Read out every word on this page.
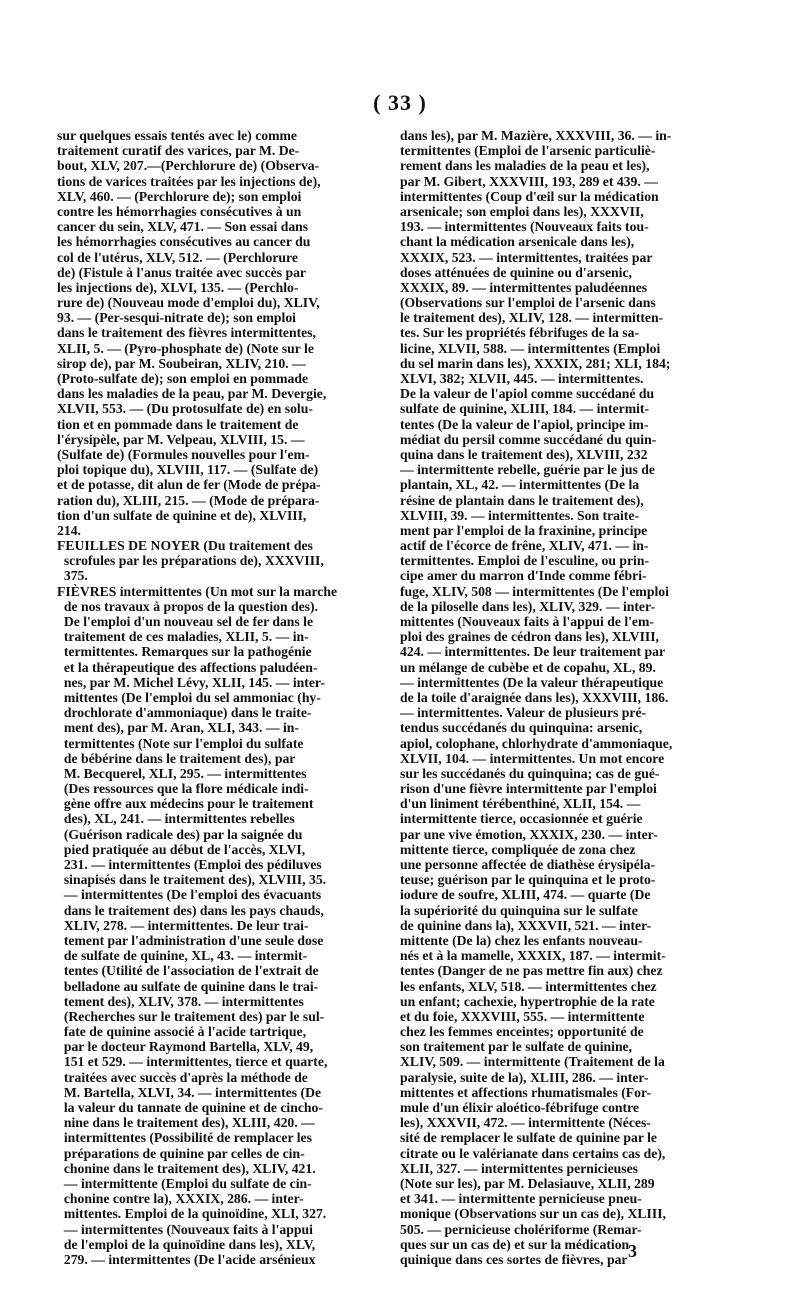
( 33 )
sur quelques essais tentés avec le) comme
traitement curatif des varices, par M. De-
bout, XLV, 207.—(Perchlorure de) (Observa-
tions de varices traitées par les injections de),
XLV, 460. — (Perchlorure de); son emploi
contre les hémorrhagies consécutives à un
cancer du sein, XLV, 471. — Son essai dans
les hémorrhagies consécutives au cancer du
col de l'utérus, XLV, 512. — (Perchlorure
de) (Fistule à l'anus traitée avec succès par
les injections de), XLVI, 135. — (Perchlo-
rure de) (Nouveau mode d'emploi du), XLIV,
93. — (Per-sesqui-nitrate de); son emploi
dans le traitement des fièvres intermittentes,
XLII, 5. — (Pyro-phosphate de) (Note sur le
sirop de), par M. Soubeiran, XLIV, 210. —
(Proto-sulfate de); son emploi en pommade
dans les maladies de la peau, par M. Devergie,
XLVII, 553. — (Du protosulfate de) en solu-
tion et en pommade dans le traitement de
l'érysipèle, par M. Velpeau, XLVIII, 15. —
(Sulfate de) (Formules nouvelles pour l'em-
ploi topique du), XLVIII, 117. — (Sulfate de)
et de potasse, dit alun de fer (Mode de prépa-
ration du), XLIII, 215. — (Mode de prépara-
tion d'un sulfate de quinine et de), XLVIII,
214.
FEUILLES DE NOYER (Du traitement des
scrofules par les préparations de), XXXVIII,
375.
FIÈVRES intermittentes (Un mot sur la marche
de nos travaux à propos de la question des).
De l'emploi d'un nouveau sel de fer dans le
traitement de ces maladies, XLII, 5. — in-
termittentes. Remarques sur la pathogénie
et la thérapeutique des affections paludéen-
nes, par M. Michel Lévy, XLII, 145. — inter-
mittentes (De l'emploi du sel ammoniac (hy-
drochlorate d'ammoniaque) dans le traite-
ment des), par M. Aran, XLI, 343. — in-
termittentes (Note sur l'emploi du sulfate
de bébérine dans le traitement des), par
M. Becquerel, XLI, 295. — intermittentes
(Des ressources que la flore médicale indi-
gène offre aux médecins pour le traitement
des), XL, 241. — intermittentes rebelles
(Guérison radicale des) par la saignée du
pied pratiquée au début de l'accès, XLVI,
231. — intermittentes (Emploi des pédiluves
sinapisés dans le traitement des), XLVIII, 35.
— intermittentes (De l'emploi des évacuants
dans le traitement des) dans les pays chauds,
XLIV, 278. — intermittentes. De leur trai-
tement par l'administration d'une seule dose
de sulfate de quinine, XL, 43. — intermit-
tentes (Utilité de l'association de l'extrait de
belladone au sulfate de quinine dans le trai-
tement des), XLIV, 378. — intermittentes
(Recherches sur le traitement des) par le sul-
fate de quinine associé à l'acide tartrique,
par le docteur Raymond Bartella, XLV, 49,
151 et 529. — intermittentes, tierce et quarte,
traitées avec succès d'après la méthode de
M. Bartella, XLVI, 34. — intermittentes (De
la valeur du tannate de quinine et de cincho-
nine dans le traitement des), XLIII, 420. —
intermittentes (Possibilité de remplacer les
préparations de quinine par celles de cin-
chonine dans le traitement des), XLIV, 421.
— intermittente (Emploi du sulfate de cin-
chonine contre la), XXXIX, 286. — inter-
mittentes. Emploi de la quinoïdine, XLI, 327.
— intermittentes (Nouveaux faits à l'appui
de l'emploi de la quinoïdine dans les), XLV,
279. — intermittentes (De l'acide arsénieux
dans les), par M. Mazière, XXXVIII, 36. — in-
termittentes (Emploi de l'arsenic particuliè-
rement dans les maladies de la peau et les),
par M. Gibert, XXXVIII, 193, 289 et 439. —
intermittentes (Coup d'œil sur la médication
arsenicale; son emploi dans les), XXXVII,
193. — intermittentes (Nouveaux faits tou-
chant la médication arsenicale dans les),
XXXIX, 523. — intermittentes, traitées par
doses atténuées de quinine ou d'arsenic,
XXXIX, 89. — intermittentes paludéennes
(Observations sur l'emploi de l'arsenic dans
le traitement des), XLIV, 128. — intermitten-
tes. Sur les propriétés fébrifuges de la sa-
licine, XLVII, 588. — intermittentes (Emploi
du sel marin dans les), XXXIX, 281; XLI, 184;
XLVI, 382; XLVII, 445. — intermittentes.
De la valeur de l'apiol comme succédané du
sulfate de quinine, XLIII, 184. — intermit-
tentes (De la valeur de l'apiol, principe im-
médiat du persil comme succédané du quin-
quina dans le traitement des), XLVIII, 232
— intermittente rebelle, guérie par le jus de
plantain, XL, 42. — intermittentes (De la
résine de plantain dans le traitement des),
XLVIII, 39. — intermittentes. Son traite-
ment par l'emploi de la fraxinine, principe
actif de l'écorce de frêne, XLIV, 471. — in-
termittentes. Emploi de l'esculine, ou prin-
cipe amer du marron d'Inde comme fébri-
fuge, XLIV, 508 — intermittentes (De l'emploi
de la piloselle dans les), XLIV, 329. — inter-
mittentes (Nouveaux faits à l'appui de l'em-
ploi des graines de cédron dans les), XLVIII,
424. — intermittentes. De leur traitement par
un mélange de cubèbe et de copahu, XL, 89.
— intermittentes (De la valeur thérapeutique
de la toile d'araignée dans les), XXXVIII, 186.
— intermittentes. Valeur de plusieurs pré-
tendus succédanés du quinquina: arsenic,
apiol, colophane, chlorhydrate d'ammoniaque,
XLVII, 104. — intermittentes. Un mot encore
sur les succédanés du quinquina; cas de gué-
rison d'une fièvre intermittente par l'emploi
d'un liniment térébenthiné, XLII, 154. —
intermittente tierce, occasionnée et guérie
par une vive émotion, XXXIX, 230. — inter-
mittente tierce, compliquée de zona chez
une personne affectée de diathèse érysipéla-
teuse; guérison par le quinquina et le proto-
iodure de soufre, XLIII, 474. — quarte (De
la supériorité du quinquina sur le sulfate
de quinine dans la), XXXVII, 521. — inter-
mittente (De la) chez les enfants nouveau-
nés et à la mamelle, XXXIX, 187. — intermit-
tentes (Danger de ne pas mettre fin aux) chez
les enfants, XLV, 518. — intermittentes chez
un enfant; cachexie, hypertrophie de la rate
et du foie, XXXVIII, 555. — intermittente
chez les femmes enceintes; opportunité de
son traitement par le sulfate de quinine,
XLIV, 509. — intermittente (Traitement de la
paralysie, suite de la), XLIII, 286. — inter-
mittentes et affections rhumatismales (For-
mule d'un élixir aloético-fébrifuge contre
les), XXXVII, 472. — intermittente (Néces-
sité de remplacer le sulfate de quinine par le
citrate ou le valérianate dans certains cas de),
XLII, 327. — intermittentes pernicieuses
(Note sur les), par M. Delasiauve, XLII, 289
et 341. — intermittente pernicieuse pneu-
monique (Observations sur un cas de), XLIII,
505. — pernicieuse cholériforme (Remar-
ques sur un cas de) et sur la médication
quinique dans ces sortes de fièvres, par 3
